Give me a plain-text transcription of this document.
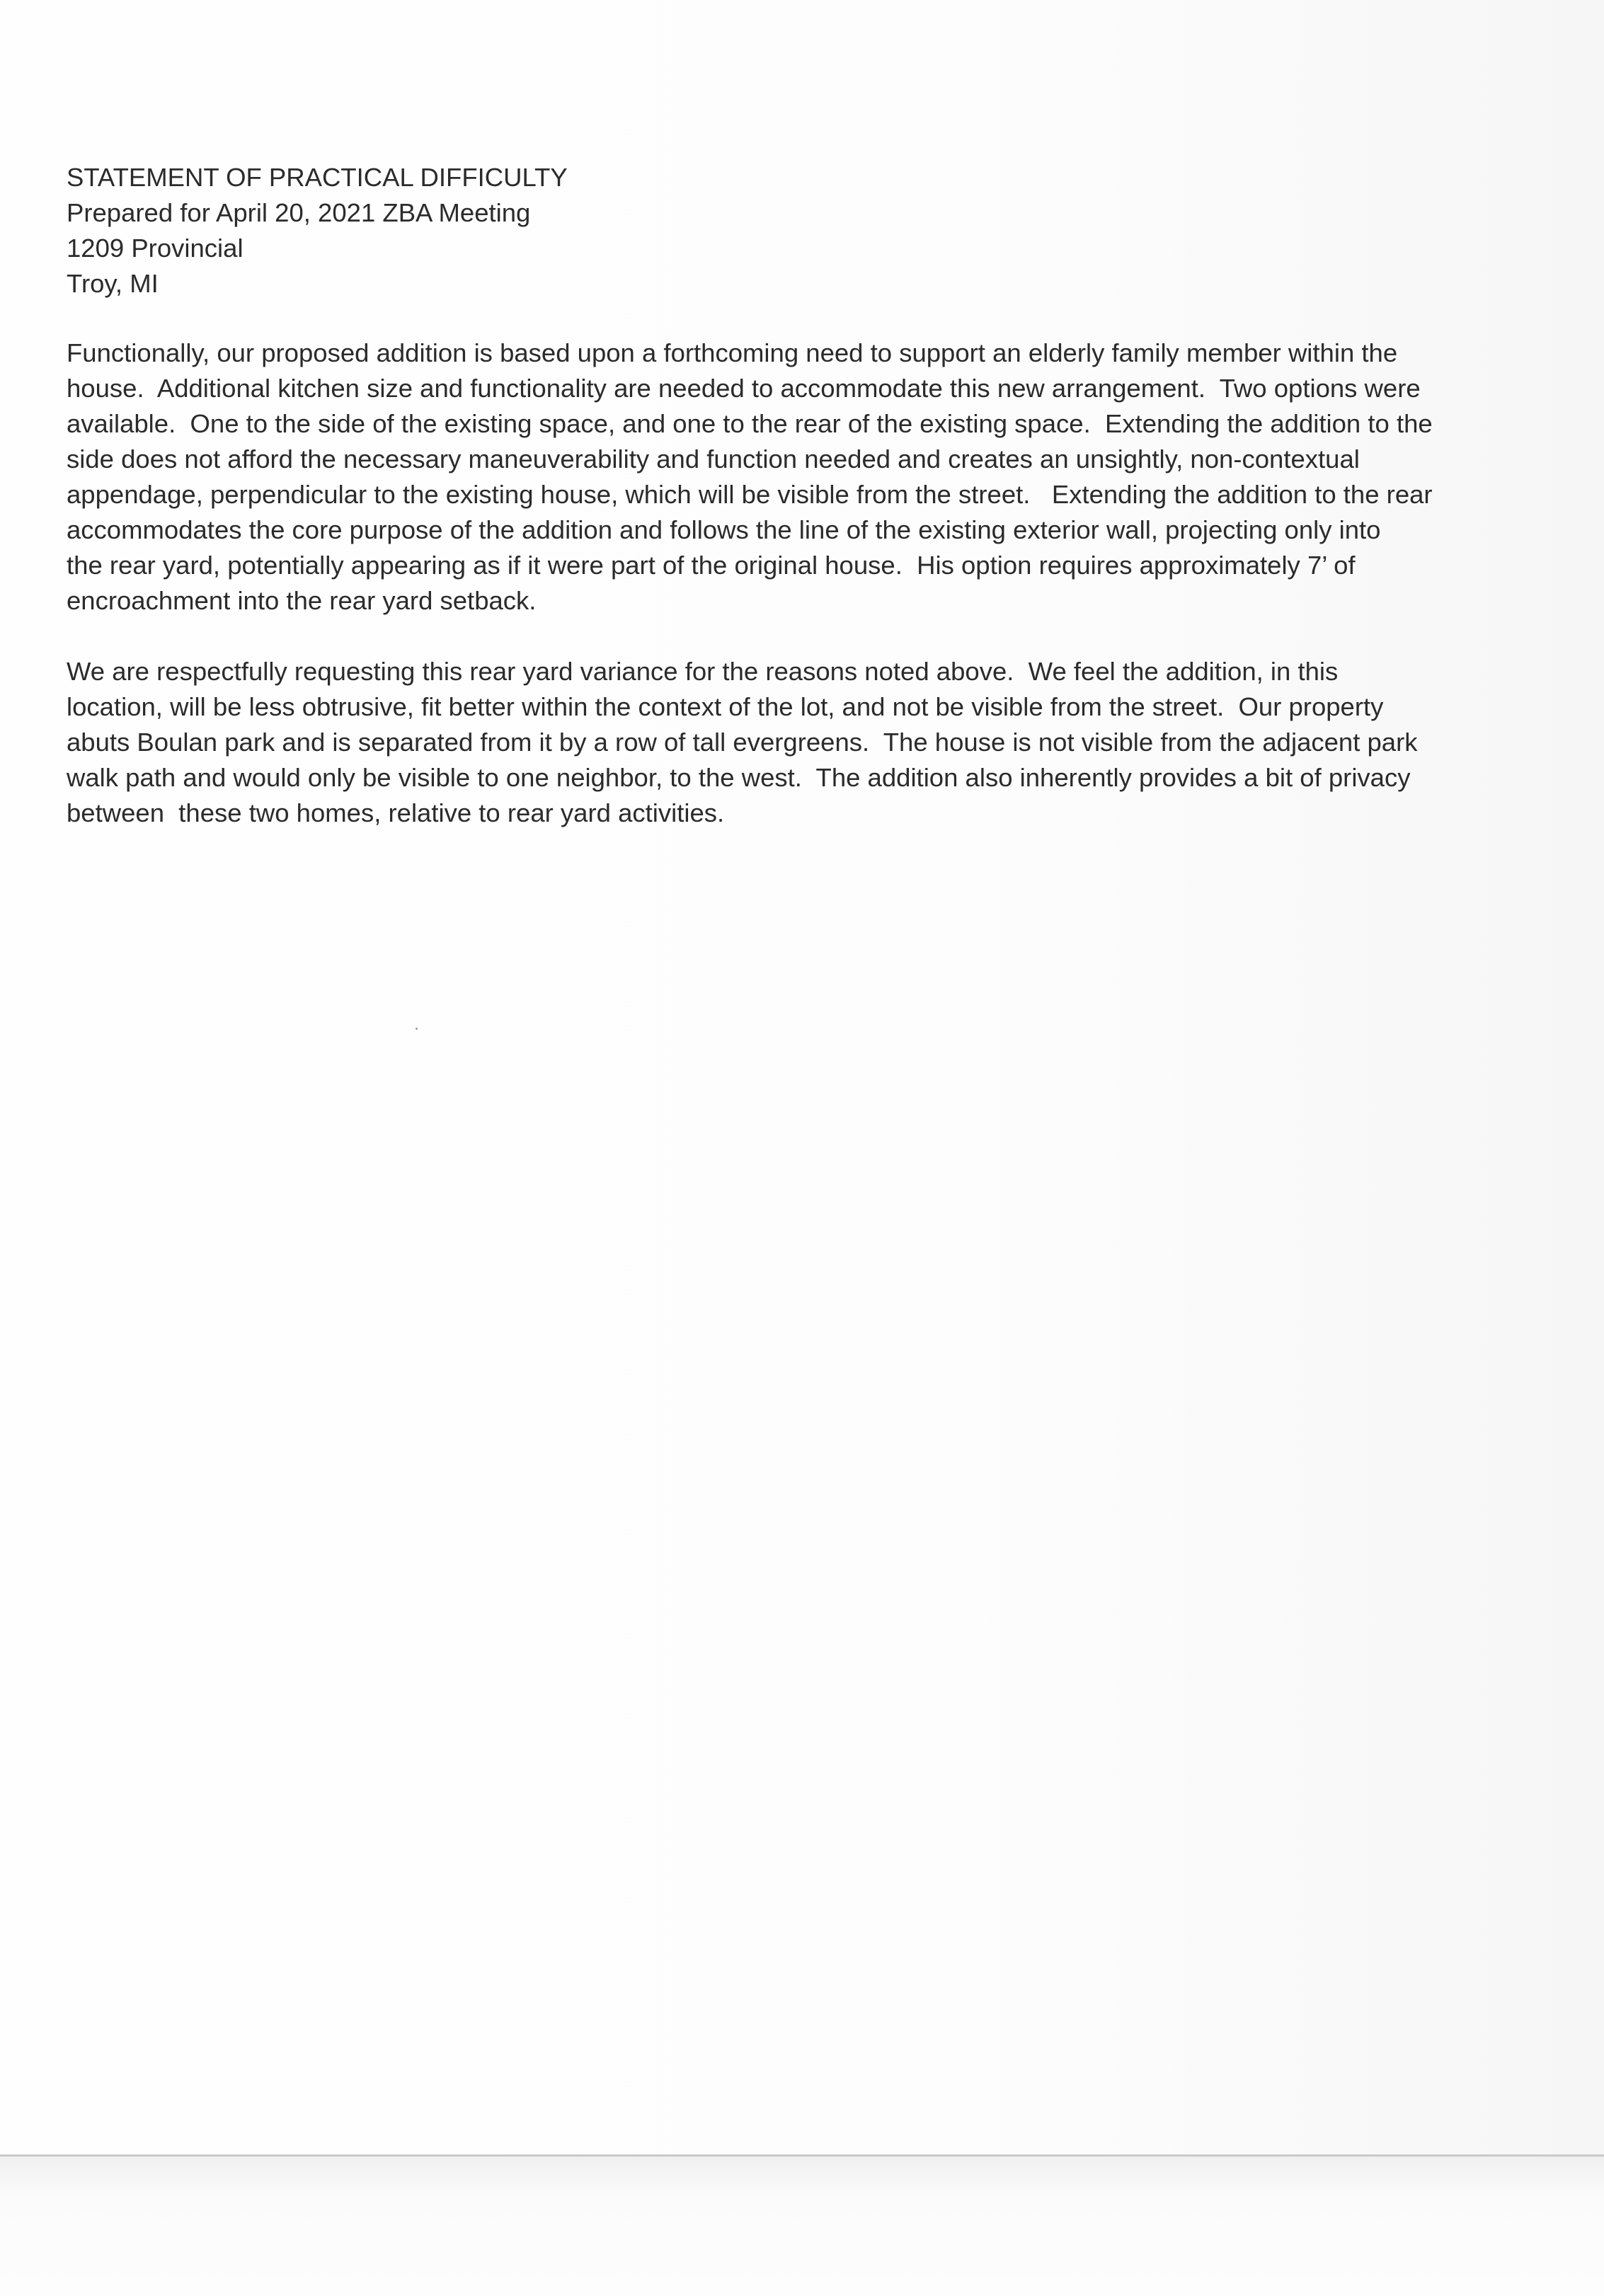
STATEMENT OF PRACTICAL DIFFICULTY

Prepared for April 20, 2021 ZBA Meeting

1209 Provincial

Troy, MI

Functionally, our proposed addition is based upon a forthcoming need to support an elderly family member within the
house.  Additional kitchen size and functionality are needed to accommodate this new arrangement.  Two options were
available.  One to the side of the existing space, and one to the rear of the existing space.  Extending the addition to the
side does not afford the necessary maneuverability and function needed and creates an unsightly, non-contextual
appendage, perpendicular to the existing house, which will be visible from the street.   Extending the addition to the rear
accommodates the core purpose of the addition and follows the line of the existing exterior wall, projecting only into
the rear yard, potentially appearing as if it were part of the original house.  His option requires approximately 7’ of
encroachment into the rear yard setback.
We are respectfully requesting this rear yard variance for the reasons noted above.  We feel the addition, in this
location, will be less obtrusive, fit better within the context of the lot, and not be visible from the street.  Our property
abuts Boulan park and is separated from it by a row of tall evergreens.  The house is not visible from the adjacent park
walk path and would only be visible to one neighbor, to the west.  The addition also inherently provides a bit of privacy
between  these two homes, relative to rear yard activities.
